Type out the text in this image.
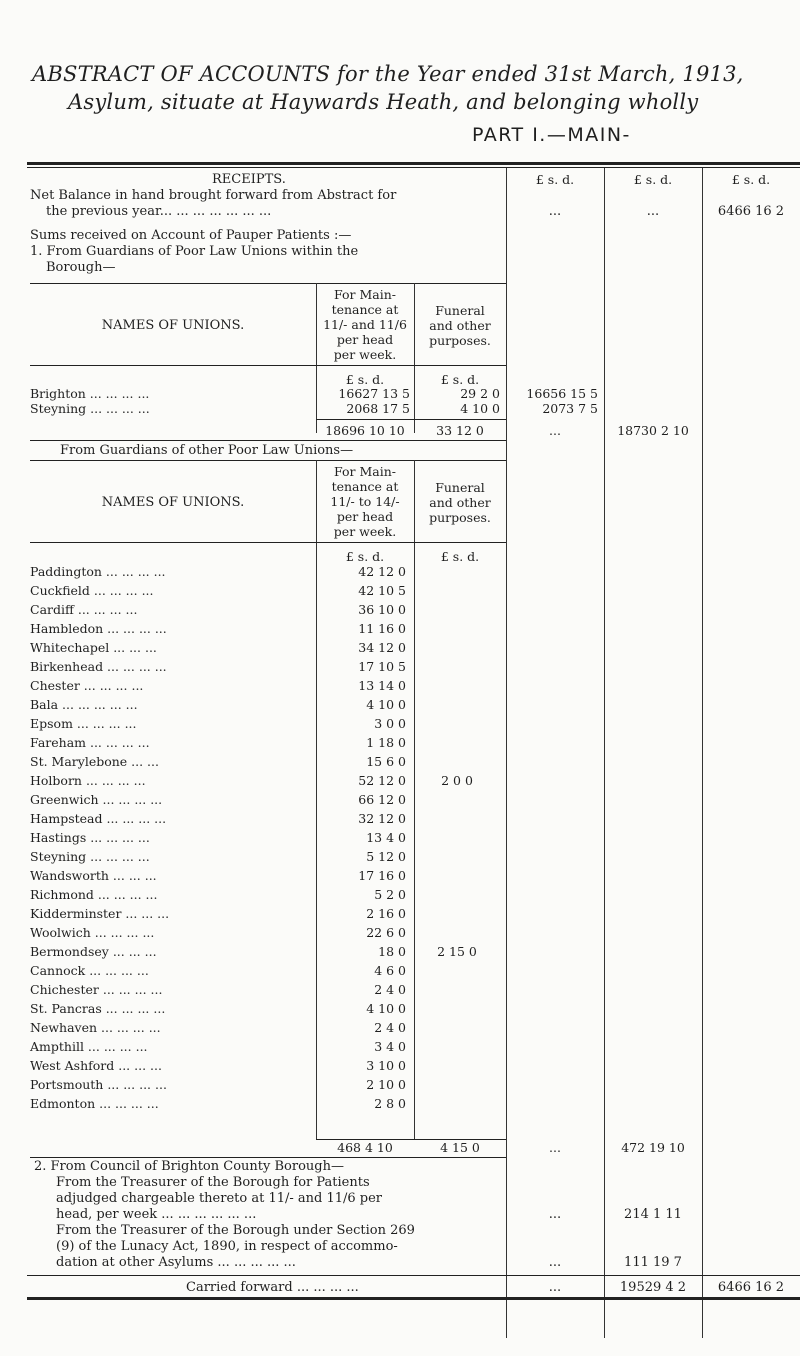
ABSTRACT OF ACCOUNTS for the Year ended 31st March, 1913,
Asylum, situate at Haywards Heath, and belonging wholly
PART I.—MAIN-
£ s. d.	£ s. d.	£ s. d.
RECEIPTS.
Net Balance in hand brought forward from Abstract for
the previous year... ... ... ... ... ... ...	...	...	6466 16 2
Sums received on Account of Pauper Patients :—
1. From Guardians of Poor Law Unions within the
Borough—
NAMES OF UNIONS.
For Main-
tenance at
11/- and 11/6
per head
per week.
Funeral
and other
purposes.
£ s. d.	£ s. d.
Brighton ... ... ... ...	16627 13 5	29 2 0	16656 15 5
Steyning ... ... ... ...	2068 17 5	4 10 0	2073 7 5
18696 10 10	33 12 0	...	18730 2 10
From Guardians of other Poor Law Unions—
NAMES OF UNIONS.
For Main-
tenance at
11/- to 14/-
per head
per week.
Funeral
and other
purposes.
£ s. d.	£ s. d.
Paddington ... ... ... ...	42 12 0
Cuckfield ... ... ... ...	42 10 5
Cardiff ... ... ... ...	36 10 0
Hambledon ... ... ... ...	11 16 0
Whitechapel ... ... ...	34 12 0
Birkenhead ... ... ... ...	17 10 5
Chester ... ... ... ...	13 14 0
Bala ... ... ... ... ...	4 10 0
Epsom ... ... ... ...	3 0 0
Fareham ... ... ... ...	1 18 0
St. Marylebone ... ...	15 6 0
Holborn ... ... ... ...	52 12 0	2 0 0
Greenwich ... ... ... ...	66 12 0
Hampstead ... ... ... ...	32 12 0
Hastings ... ... ... ...	13 4 0
Steyning ... ... ... ...	5 12 0
Wandsworth ... ... ...	17 16 0
Richmond ... ... ... ...	5 2 0
Kidderminster ... ... ...	2 16 0
Woolwich ... ... ... ...	22 6 0
Bermondsey ... ... ...	18 0	2 15 0
Cannock ... ... ... ...	4 6 0
Chichester ... ... ... ...	2 4 0
St. Pancras ... ... ... ...	4 10 0
Newhaven ... ... ... ...	2 4 0
Ampthill ... ... ... ...	3 4 0
West Ashford ... ... ...	3 10 0
Portsmouth ... ... ... ...	2 10 0
Edmonton ... ... ... ...	2 8 0
468 4 10	4 15 0	...	472 19 10
2. From Council of Brighton County Borough—
From the Treasurer of the Borough for Patients
adjudged chargeable thereto at 11/- and 11/6 per
head, per week ... ... ... ... ... ...	...	214 1 11
From the Treasurer of the Borough under Section 269
(9) of the Lunacy Act, 1890, in respect of accommo-
dation at other Asylums ... ... ... ... ...	...	111 19 7
Carried forward ... ... ... ...	...	19529 4 2	6466 16 2
